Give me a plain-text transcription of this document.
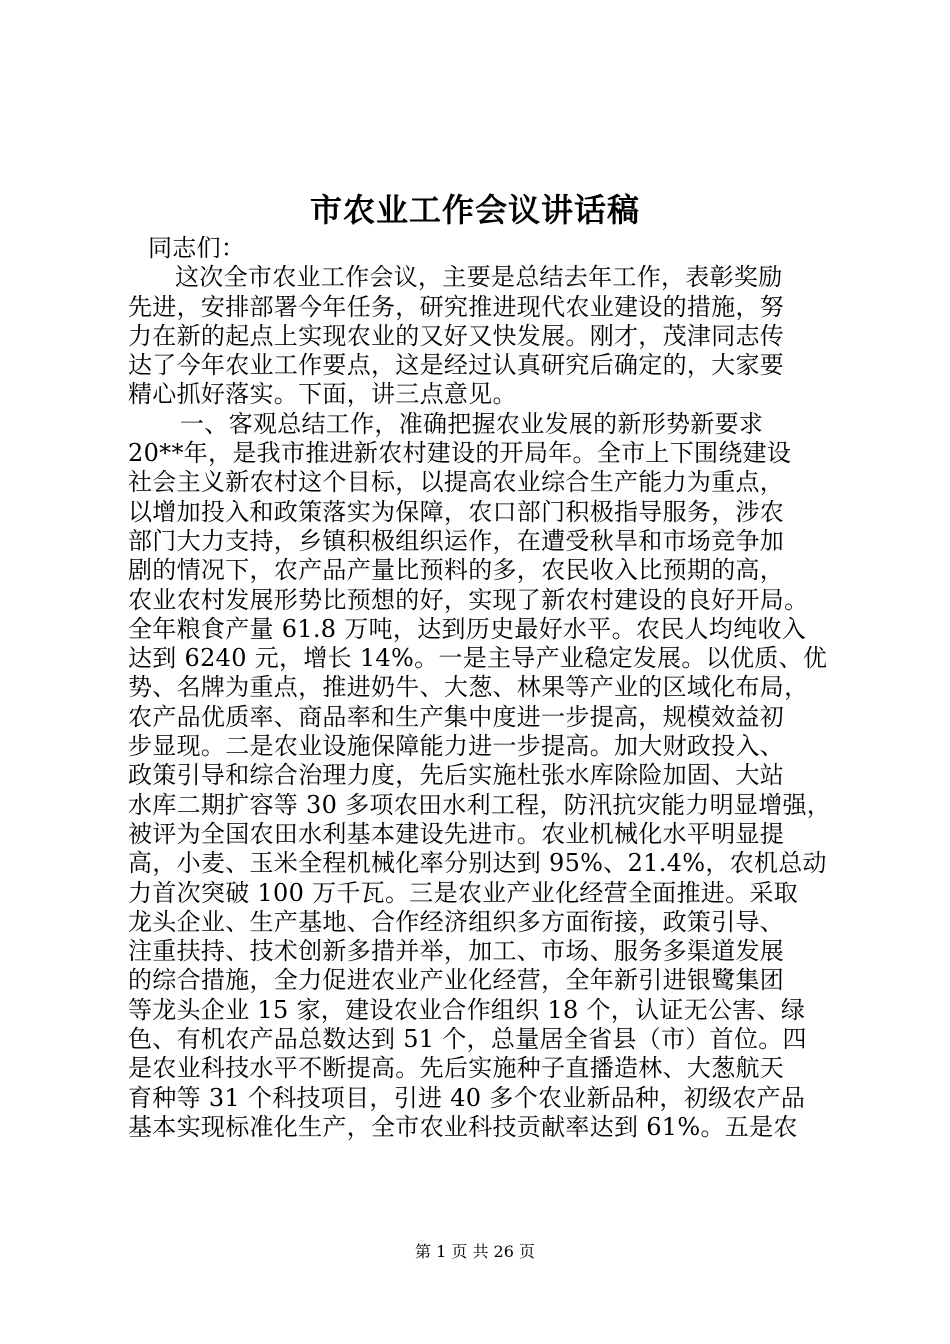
市农业工作会议讲话稿
同志们：
这次全市农业工作会议，主要是总结去年工作，表彰奖励
先进，安排部署今年任务，研究推进现代农业建设的措施，努
力在新的起点上实现农业的又好又快发展。刚才，茂津同志传
达了今年农业工作要点，这是经过认真研究后确定的，大家要
精心抓好落实。下面，讲三点意见。
一、客观总结工作，准确把握农业发展的新形势新要求
20**年，是我市推进新农村建设的开局年。全市上下围绕建设
社会主义新农村这个目标，以提高农业综合生产能力为重点，
以增加投入和政策落实为保障，农口部门积极指导服务，涉农
部门大力支持，乡镇积极组织运作，在遭受秋旱和市场竞争加
剧的情况下，农产品产量比预料的多，农民收入比预期的高，
农业农村发展形势比预想的好，实现了新农村建设的良好开局。
全年粮食产量 61.8 万吨，达到历史最好水平。农民人均纯收入
达到 6240 元，增长 14%。一是主导产业稳定发展。以优质、优
势、名牌为重点，推进奶牛、大葱、林果等产业的区域化布局，
农产品优质率、商品率和生产集中度进一步提高，规模效益初
步显现。二是农业设施保障能力进一步提高。加大财政投入、
政策引导和综合治理力度，先后实施杜张水库除险加固、大站
水库二期扩容等 30 多项农田水利工程，防汛抗灾能力明显增强，
被评为全国农田水利基本建设先进市。农业机械化水平明显提
高，小麦、玉米全程机械化率分别达到 95%、21.4%，农机总动
力首次突破 100 万千瓦。三是农业产业化经营全面推进。采取
龙头企业、生产基地、合作经济组织多方面衔接，政策引导、
注重扶持、技术创新多措并举，加工、市场、服务多渠道发展
的综合措施，全力促进农业产业化经营，全年新引进银鹭集团
等龙头企业 15 家，建设农业合作组织 18 个，认证无公害、绿
色、有机农产品总数达到 51 个，总量居全省县（市）首位。四
是农业科技水平不断提高。先后实施种子直播造林、大葱航天
育种等 31 个科技项目，引进 40 多个农业新品种，初级农产品
基本实现标准化生产，全市农业科技贡献率达到 61%。五是农
第 1 页 共 26 页
